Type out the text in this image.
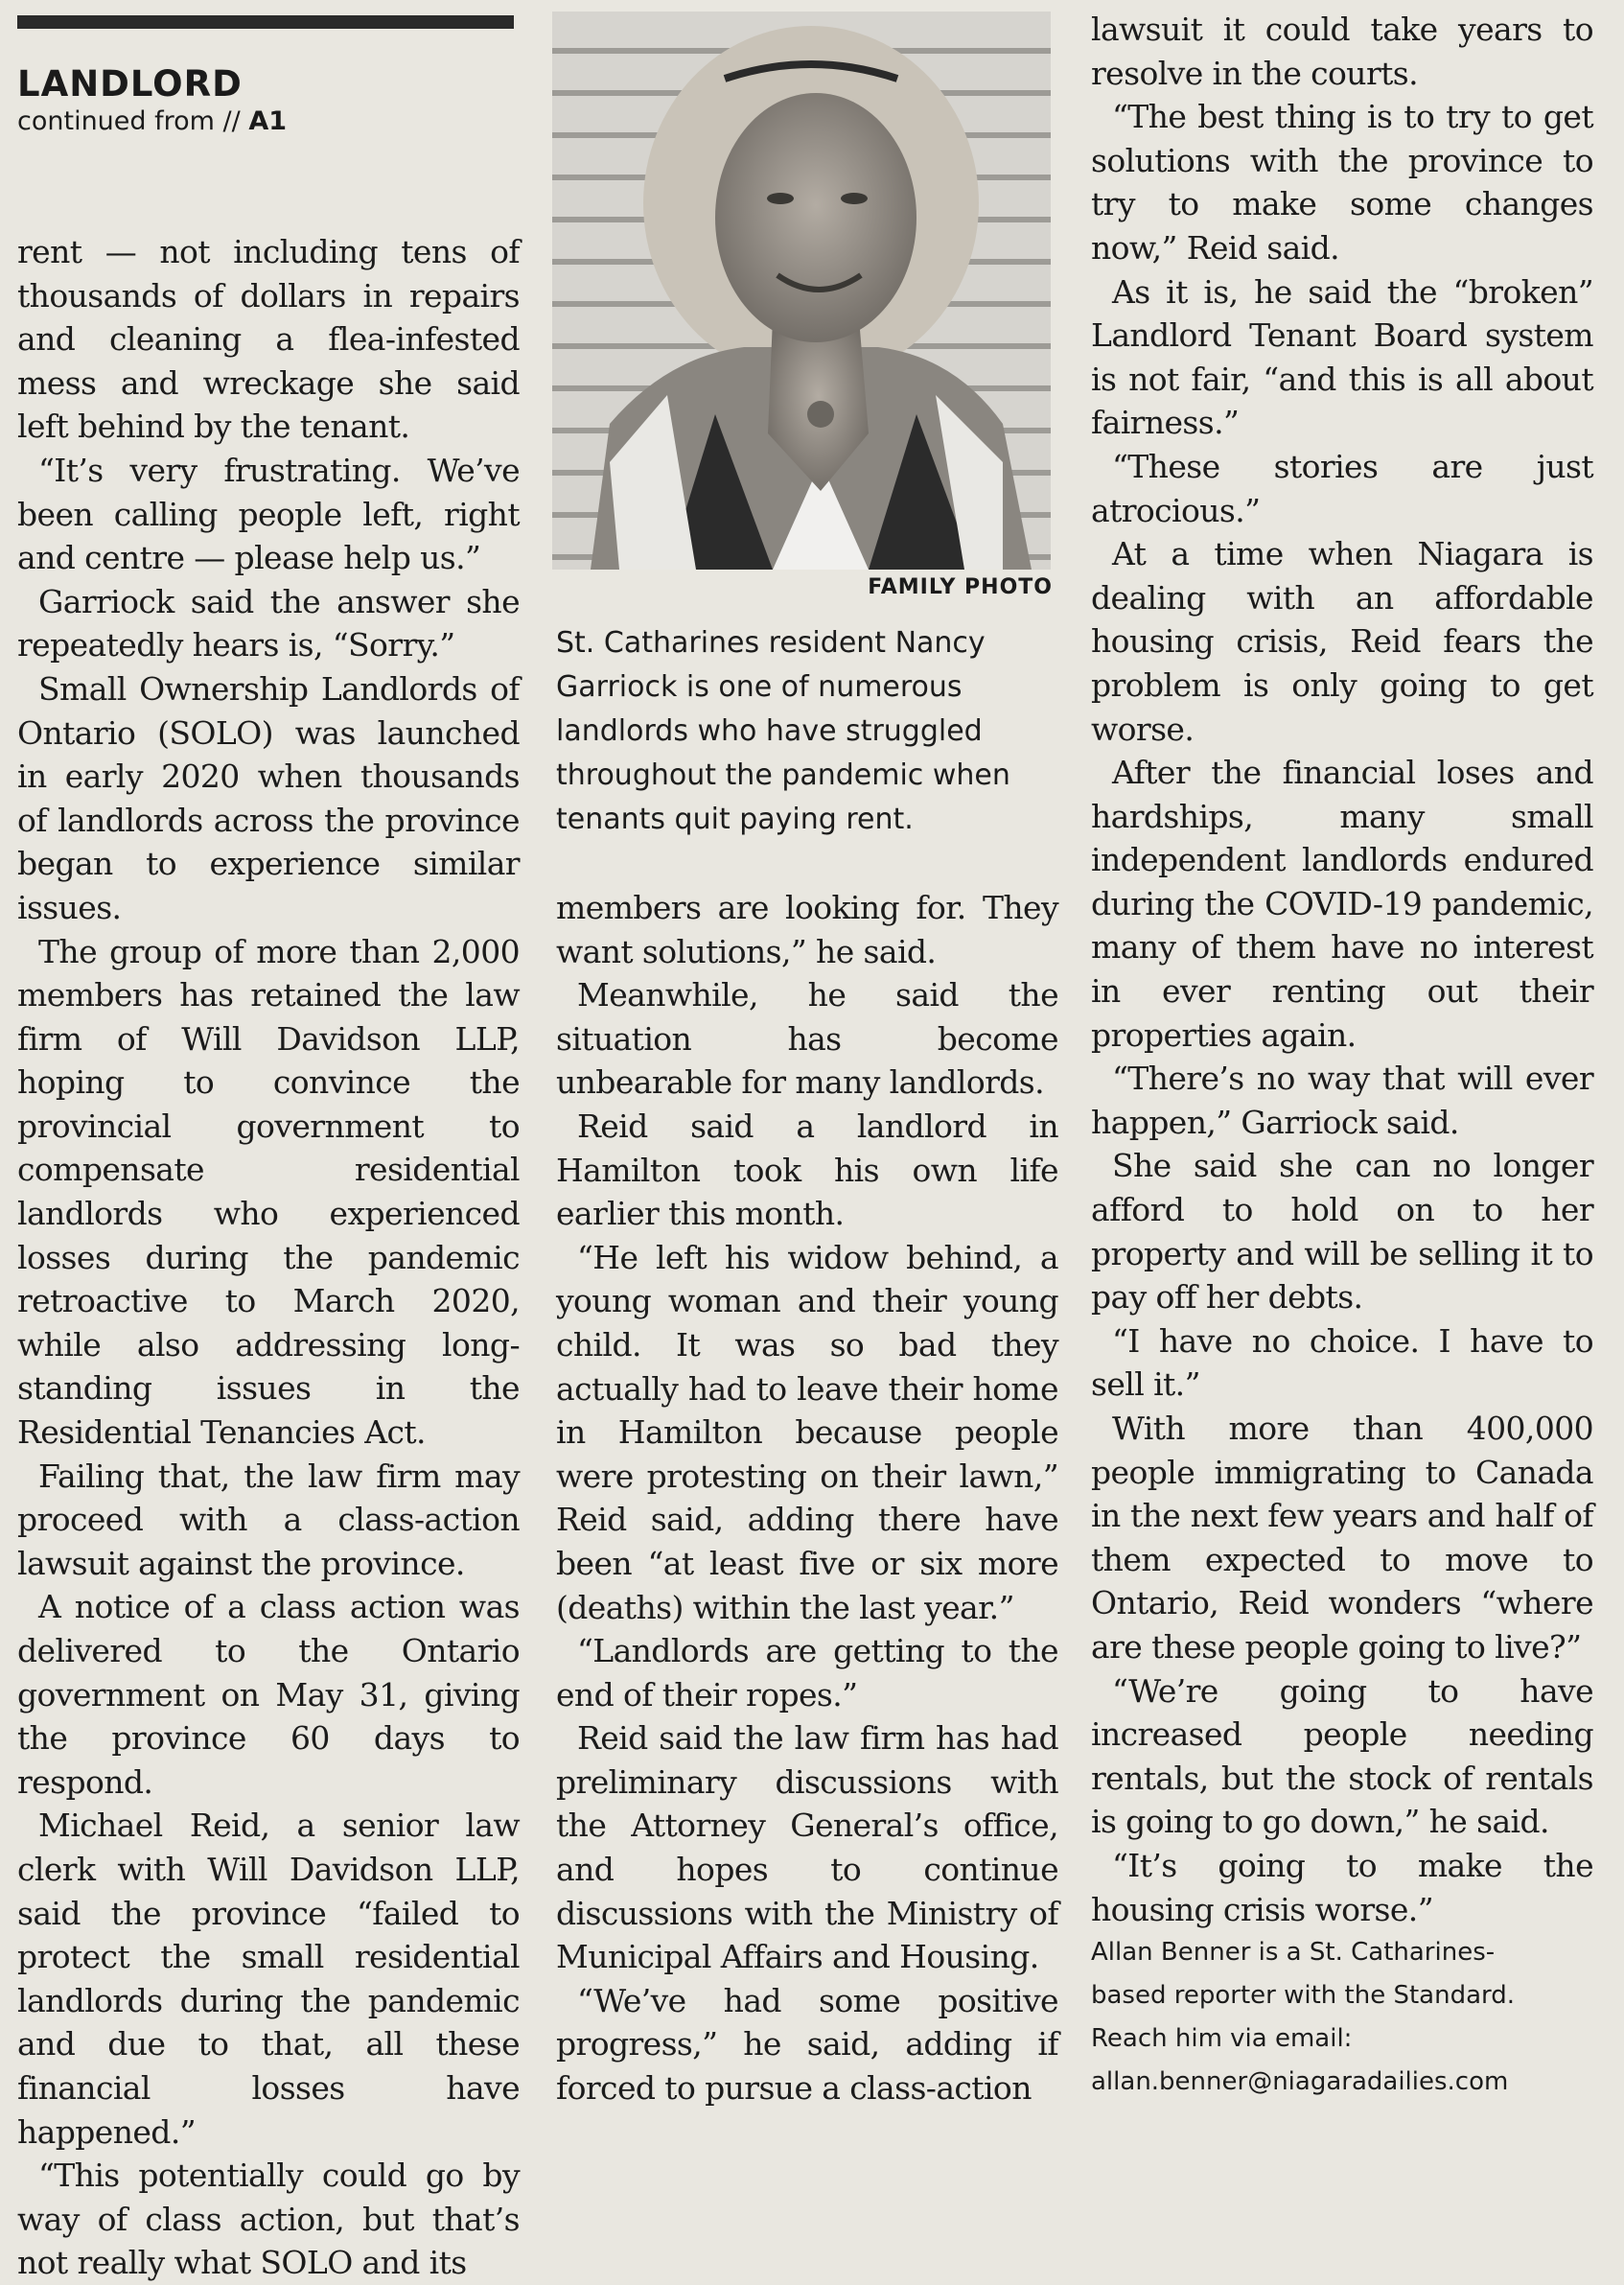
LANDLORD
continued from // A1

rent — not including tens of thousands of dollars in repairs and cleaning a flea-infested mess and wreckage she said left behind by the tenant.

“It’s very frustrating. We’ve been calling people left, right and centre — please help us.”

Garriock said the answer she repeatedly hears is, “Sorry.”

Small Ownership Landlords of Ontario (SOLO) was launched in early 2020 when thousands of landlords across the province began to experience similar issues.

The group of more than 2,000 members has retained the law firm of Will Davidson LLP, hoping to convince the provincial government to compensate residential landlords who experienced losses during the pandemic retroactive to March 2020, while also addressing long-standing issues in the Residential Tenancies Act.

Failing that, the law firm may proceed with a class-action lawsuit against the province.

A notice of a class action was delivered to the Ontario government on May 31, giving the province 60 days to respond.

Michael Reid, a senior law clerk with Will Davidson LLP, said the province “failed to protect the small residential landlords during the pandemic and due to that, all these financial losses have happened.”

“This potentially could go by way of class action, but that’s not really what SOLO and its

FAMILY PHOTO
St. Catharines resident Nancy Garriock is one of numerous landlords who have struggled throughout the pandemic when tenants quit paying rent.

members are looking for. They want solutions,” he said.

Meanwhile, he said the situation has become unbearable for many landlords.

Reid said a landlord in Hamilton took his own life earlier this month.

“He left his widow behind, a young woman and their young child. It was so bad they actually had to leave their home in Hamilton because people were protesting on their lawn,” Reid said, adding there have been “at least five or six more (deaths) within the last year.”

“Landlords are getting to the end of their ropes.”

Reid said the law firm has had preliminary discussions with the Attorney General’s office, and hopes to continue discussions with the Ministry of Municipal Affairs and Housing.

“We’ve had some positive progress,” he said, adding if forced to pursue a class-action

lawsuit it could take years to resolve in the courts.

“The best thing is to try to get solutions with the province to try to make some changes now,” Reid said.

As it is, he said the “broken” Landlord Tenant Board system is not fair, “and this is all about fairness.”

“These stories are just atrocious.”

At a time when Niagara is dealing with an affordable housing crisis, Reid fears the problem is only going to get worse.

After the financial loses and hardships, many small independent landlords endured during the COVID-19 pandemic, many of them have no interest in ever renting out their properties again.

“There’s no way that will ever happen,” Garriock said.

She said she can no longer afford to hold on to her property and will be selling it to pay off her debts.

“I have no choice. I have to sell it.”

With more than 400,000 people immigrating to Canada in the next few years and half of them expected to move to Ontario, Reid wonders “where are these people going to live?”

“We’re going to have increased people needing rentals, but the stock of rentals is going to go down,” he said.

“It’s going to make the housing crisis worse.”

Allan Benner is a St. Catharines-
based reporter with the Standard.
Reach him via email:
allan.benner@niagaradailies.com
